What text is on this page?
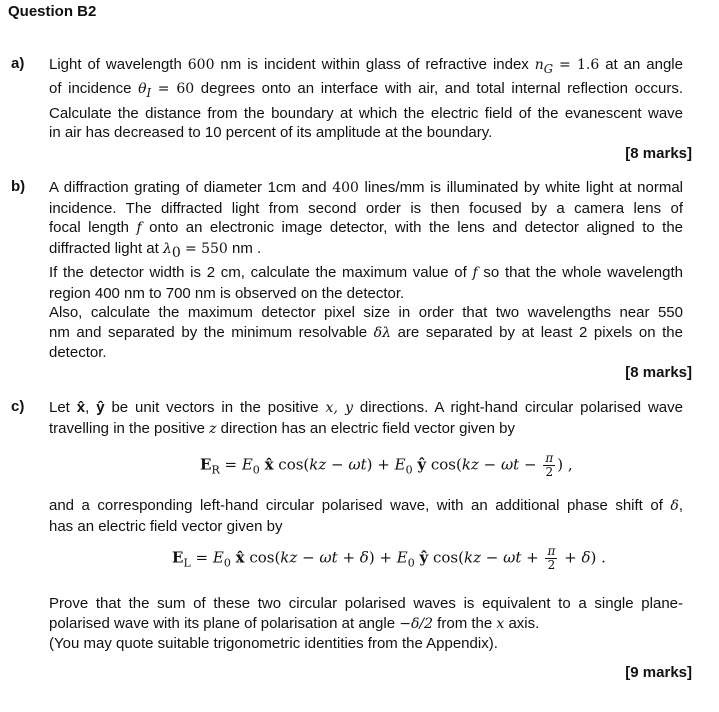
Question B2
a) Light of wavelength 600 nm is incident within glass of refractive index $n_G = 1.6$ at an angle
of incidence $\theta_I = 60$ degrees onto an interface with air, and total internal reflection occurs.
Calculate the distance from the boundary at which the electric field of the evanescent wave
in air has decreased to 10 percent of its amplitude at the boundary.
[8 marks]
b) A diffraction grating of diameter 1cm and 400 lines/mm is illuminated by white light at normal
incidence. The diffracted light from second order is then focused by a camera lens of
focal length f onto an electronic image detector, with the lens and detector aligned to the
diffracted light at $\lambda_0 = 550$ nm .
If the detector width is 2 cm, calculate the maximum value of f so that the whole wavelength
region 400 nm to 700 nm is observed on the detector.
Also, calculate the maximum detector pixel size in order that two wavelengths near 550
nm and separated by the minimum resolvable δλ are separated by at least 2 pixels on the
detector.
[8 marks]
c) Let x̂, ŷ be unit vectors in the positive x, y directions. A right-hand circular polarised wave
travelling in the positive z direction has an electric field vector given by
$E_R = E_0$ x̂ $\cos(kz - \omega t) + E_0$ ŷ $\cos(kz - \omega t - \frac{\pi}{2}$ ) ,
and a corresponding left-hand circular polarised wave, with an additional phase shift of δ,
has an electric field vector given by
$E_L = E_0$ x̂ $\cos(kz - \omega t + \delta) + E_0$ ŷ $\cos(kz - \omega t + \frac{\pi}{2} + \delta)$ .
Prove that the sum of these two circular polarised waves is equivalent to a single plane-
polarised wave with its plane of polarisation at angle −δ/2 from the x axis.
(You may quote suitable trigonometric identities from the Appendix).
[9 marks]
